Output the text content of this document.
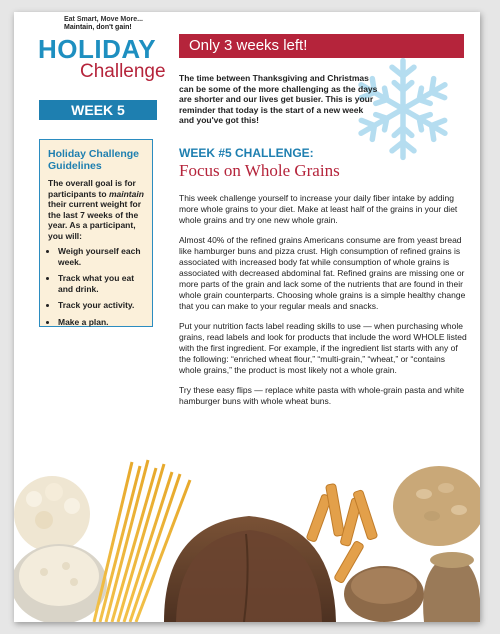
Eat Smart, Move More...
Maintain, don't gain!
HOLIDAY
Challenge
WEEK 5
Holiday Challenge Guidelines

The overall goal is for participants to maintain their current weight for the last 7 weeks of the year. As a participant, you will:

• Weigh yourself each week.
• Track what you eat and drink.
• Track your activity.
• Make a plan.
Only 3 weeks left!

The time between Thanksgiving and Christmas can be some of the more challenging as the days are shorter and our lives get busier. This is your reminder that today is the start of a new week and you've got this!

WEEK #5 CHALLENGE:
Focus on Whole Grains

This week challenge yourself to increase your daily fiber intake by adding more whole grains to your diet. Make at least half of the grains in your diet whole grains and try one new whole grain.

Almost 40% of the refined grains Americans consume are from yeast bread like hamburger buns and pizza crust. High consumption of refined grains is associated with increased body fat while consumption of whole grains is associated with decreased abdominal fat. Refined grains are missing one or more parts of the grain and lack some of the nutrients that are found in their whole grain counterparts. Choosing whole grains is a simple healthy change that you can make to your regular meals and snacks.

Put your nutrition facts label reading skills to use — when purchasing whole grains, read labels and look for products that include the word WHOLE listed with the first ingredient. For example, if the ingredient list starts with any of the following: “enriched wheat flour,” “multi-grain,” “wheat,” or “contains whole grains,” the product is most likely not a whole grain.

Try these easy flips — replace white pasta with whole-grain pasta and white hamburger buns with whole wheat buns.
